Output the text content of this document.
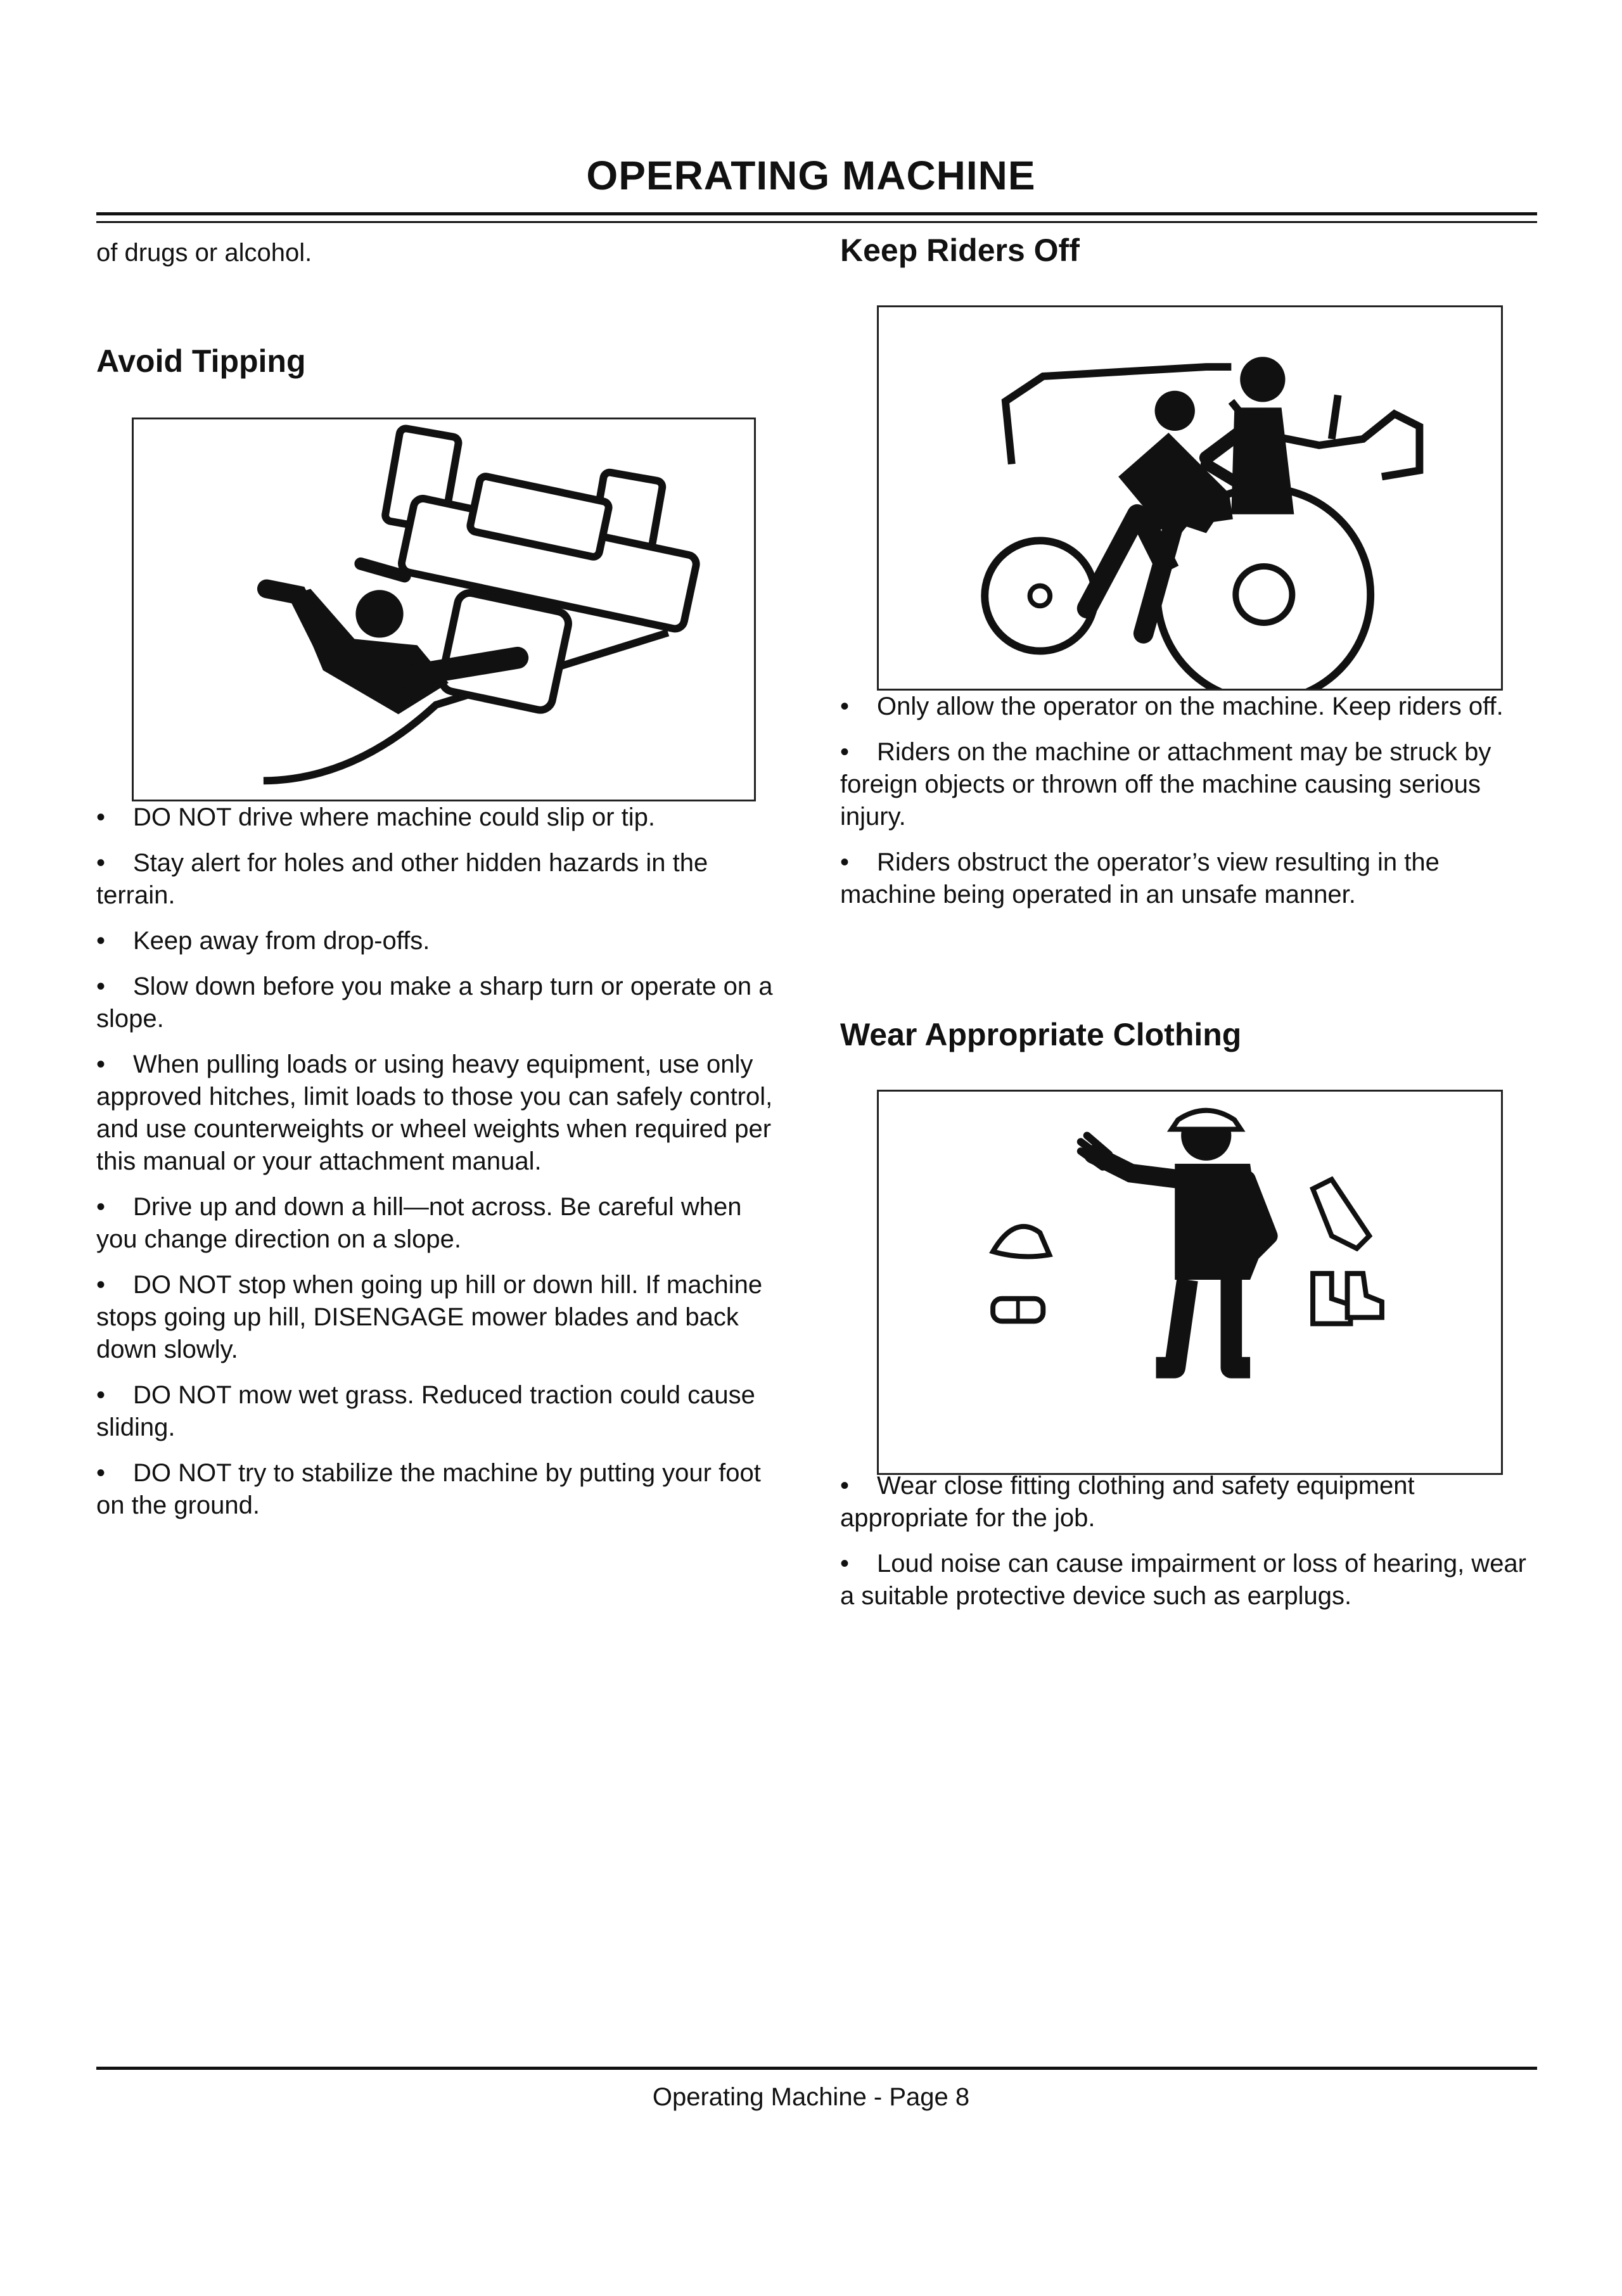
OPERATING MACHINE

of drugs or alcohol.

Avoid Tipping
• DO NOT drive where machine could slip or tip.
• Stay alert for holes and other hidden hazards in the terrain.
• Keep away from drop-offs.
• Slow down before you make a sharp turn or operate on a slope.
• When pulling loads or using heavy equipment, use only approved hitches, limit loads to those you can safely control, and use counterweights or wheel weights when required per this manual or your attachment manual.
• Drive up and down a hill—not across. Be careful when you change direction on a slope.
• DO NOT stop when going up hill or down hill. If machine stops going up hill, DISENGAGE mower blades and back down slowly.
• DO NOT mow wet grass. Reduced traction could cause sliding.
• DO NOT try to stabilize the machine by putting your foot on the ground.
Keep Riders Off
• Only allow the operator on the machine. Keep riders off.
• Riders on the machine or attachment may be struck by foreign objects or thrown off the machine causing serious injury.
• Riders obstruct the operator’s view resulting in the machine being operated in an unsafe manner.
Wear Appropriate Clothing
• Wear close fitting clothing and safety equipment appropriate for the job.
• Loud noise can cause impairment or loss of hearing, wear a suitable protective device such as earplugs.
Operating Machine - Page 8
